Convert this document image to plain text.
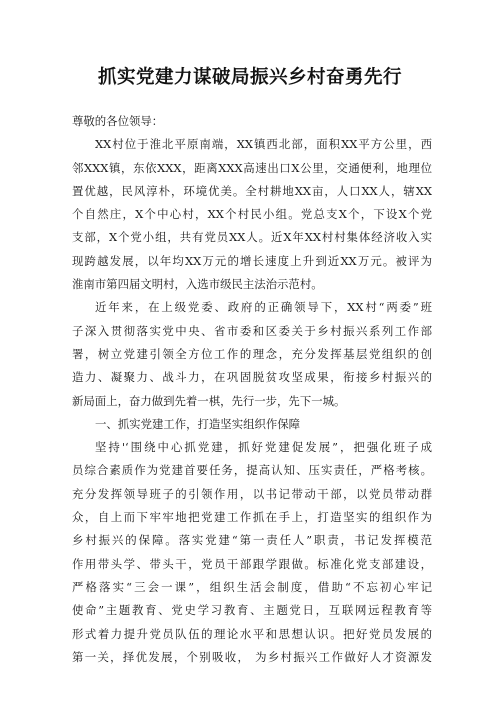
抓实党建力谋破局振兴乡村奋勇先行
尊敬的各位领导：
XX村位于淮北平原南端，XX镇西北部，面积XX平方公里，西
邻XXX镇，东依XXX，距离XXX高速出口X公里，交通便利，地理位
置优越，民风淳朴，环境优美。全村耕地XX亩，人口XX人，辖XX
个自然庄，X个中心村，XX个村民小组。党总支X个，下设X个党
支部，X个党小组，共有党员XX人。近X年XX村村集体经济收入实
现跨越发展，以年均XX万元的增长速度上升到近XX万元。被评为
淮南市第四届文明村，入选市级民主法治示范村。
近年来，在上级党委、政府的正确领导下，XX村“两委”班
子深入贯彻落实党中央、省市委和区委关于乡村振兴系列工作部
署，树立党建引领全方位工作的理念，充分发挥基层党组织的创
造力、凝聚力、战斗力，在巩固脱贫攻坚成果，衔接乡村振兴的
新局面上，奋力做到先着一棋，先行一步，先下一城。
一、抓实党建工作，打造坚实组织作保障
坚持'‘围绕中心抓党建，抓好党建促发展”，把强化班子成
员综合素质作为党建首要任务，提高认知、压实责任，严格考核。
充分发挥领导班子的引领作用，以书记带动干部，以党员带动群
众，自上而下牢牢地把党建工作抓在手上，打造坚实的组织作为
乡村振兴的保障。落实党建“第一责任人”职责，书记发挥模范
作用带头学、带头干，党员干部跟学跟做。标准化党支部建设，
严格落实“三会一课”，组织生活会制度，借助“不忘初心牢记
使命”主题教育、党史学习教育、主题党日，互联网远程教育等
形式着力提升党员队伍的理论水平和思想认识。把好党员发展的
第一关，择优发展，个别吸收， 为乡村振兴工作做好人才资源发
